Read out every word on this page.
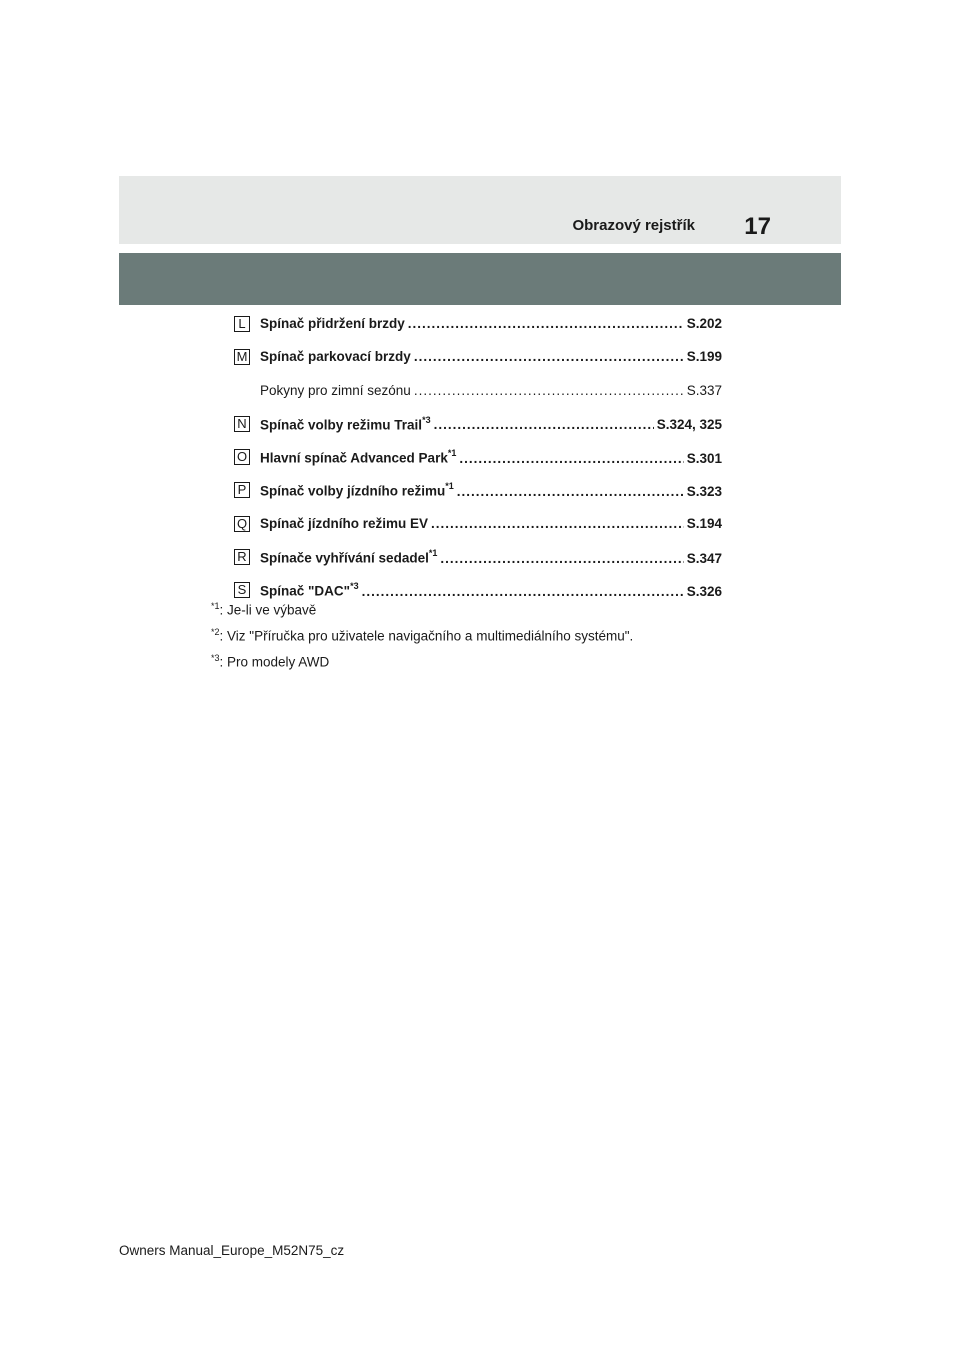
Obrazový rejstřík 17
L	Spínač přidržení brzdy .....	S.202
M Spínač parkovací brzdy .....	S.199
Pokyny pro zimní sezónu .....	S.337
N Spínač volby režimu Trail$^{*3}$ .....	S.324, 325
O Hlavní spínač Advanced Park$^{*1}$ .....	S.301
P Spínač volby jízdního režimu$^{*1}$ .....	S.323
Q Spínač jízdního režimu EV .....	S.194
R Spínače vyhřívání sedadel$^{*1}$ .....	S.347
S Spínač "DAC"$^{*3}$ .....	S.326
$^{*1}$: Je-li ve výbavě
$^{*2}$: Viz "Příručka pro uživatele navigačního a multimediálního systému".
$^{*3}$: Pro modely AWD
Owners Manual_Europe_M52N75_cz
